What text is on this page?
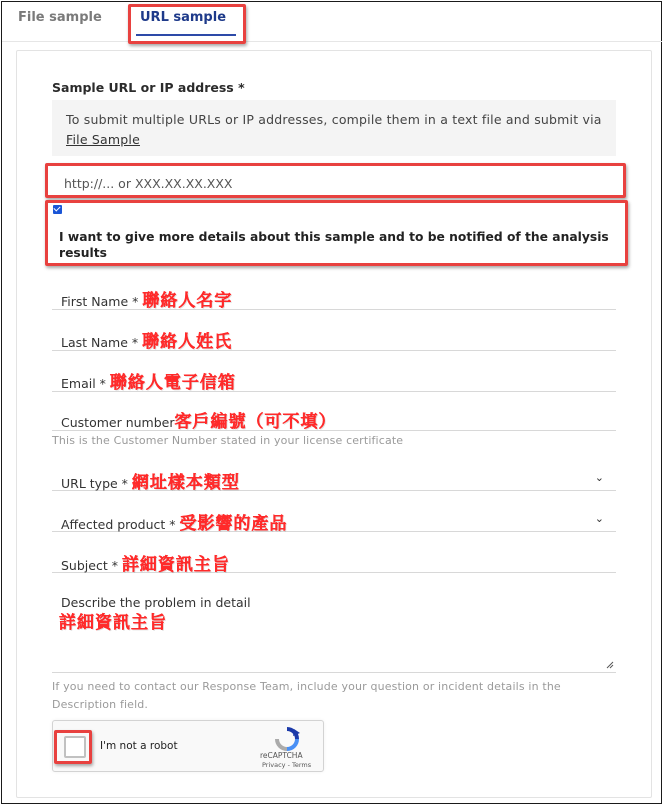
File sample	URL sample
Sample URL or IP address *
To submit multiple URLs or IP addresses, compile them in a text file and submit via File Sample
http://... or XXX.XX.XX.XXX
I want to give more details about this sample and to be notified of the analysis results
First Name * 聯絡人名字
Last Name * 聯絡人姓氏
Email * 聯絡人電子信箱
Customer number客戶編號（可不填）
This is the Customer Number stated in your license certificate
URL type * 網址樣本類型	⌄
Affected product * 受影響的產品	⌄
Subject * 詳細資訊主旨
Describe the problem in detail
詳細資訊主旨
If you need to contact our Response Team, include your question or incident details in the Description field.
I'm not a robot
reCAPTCHA
Privacy - Terms
